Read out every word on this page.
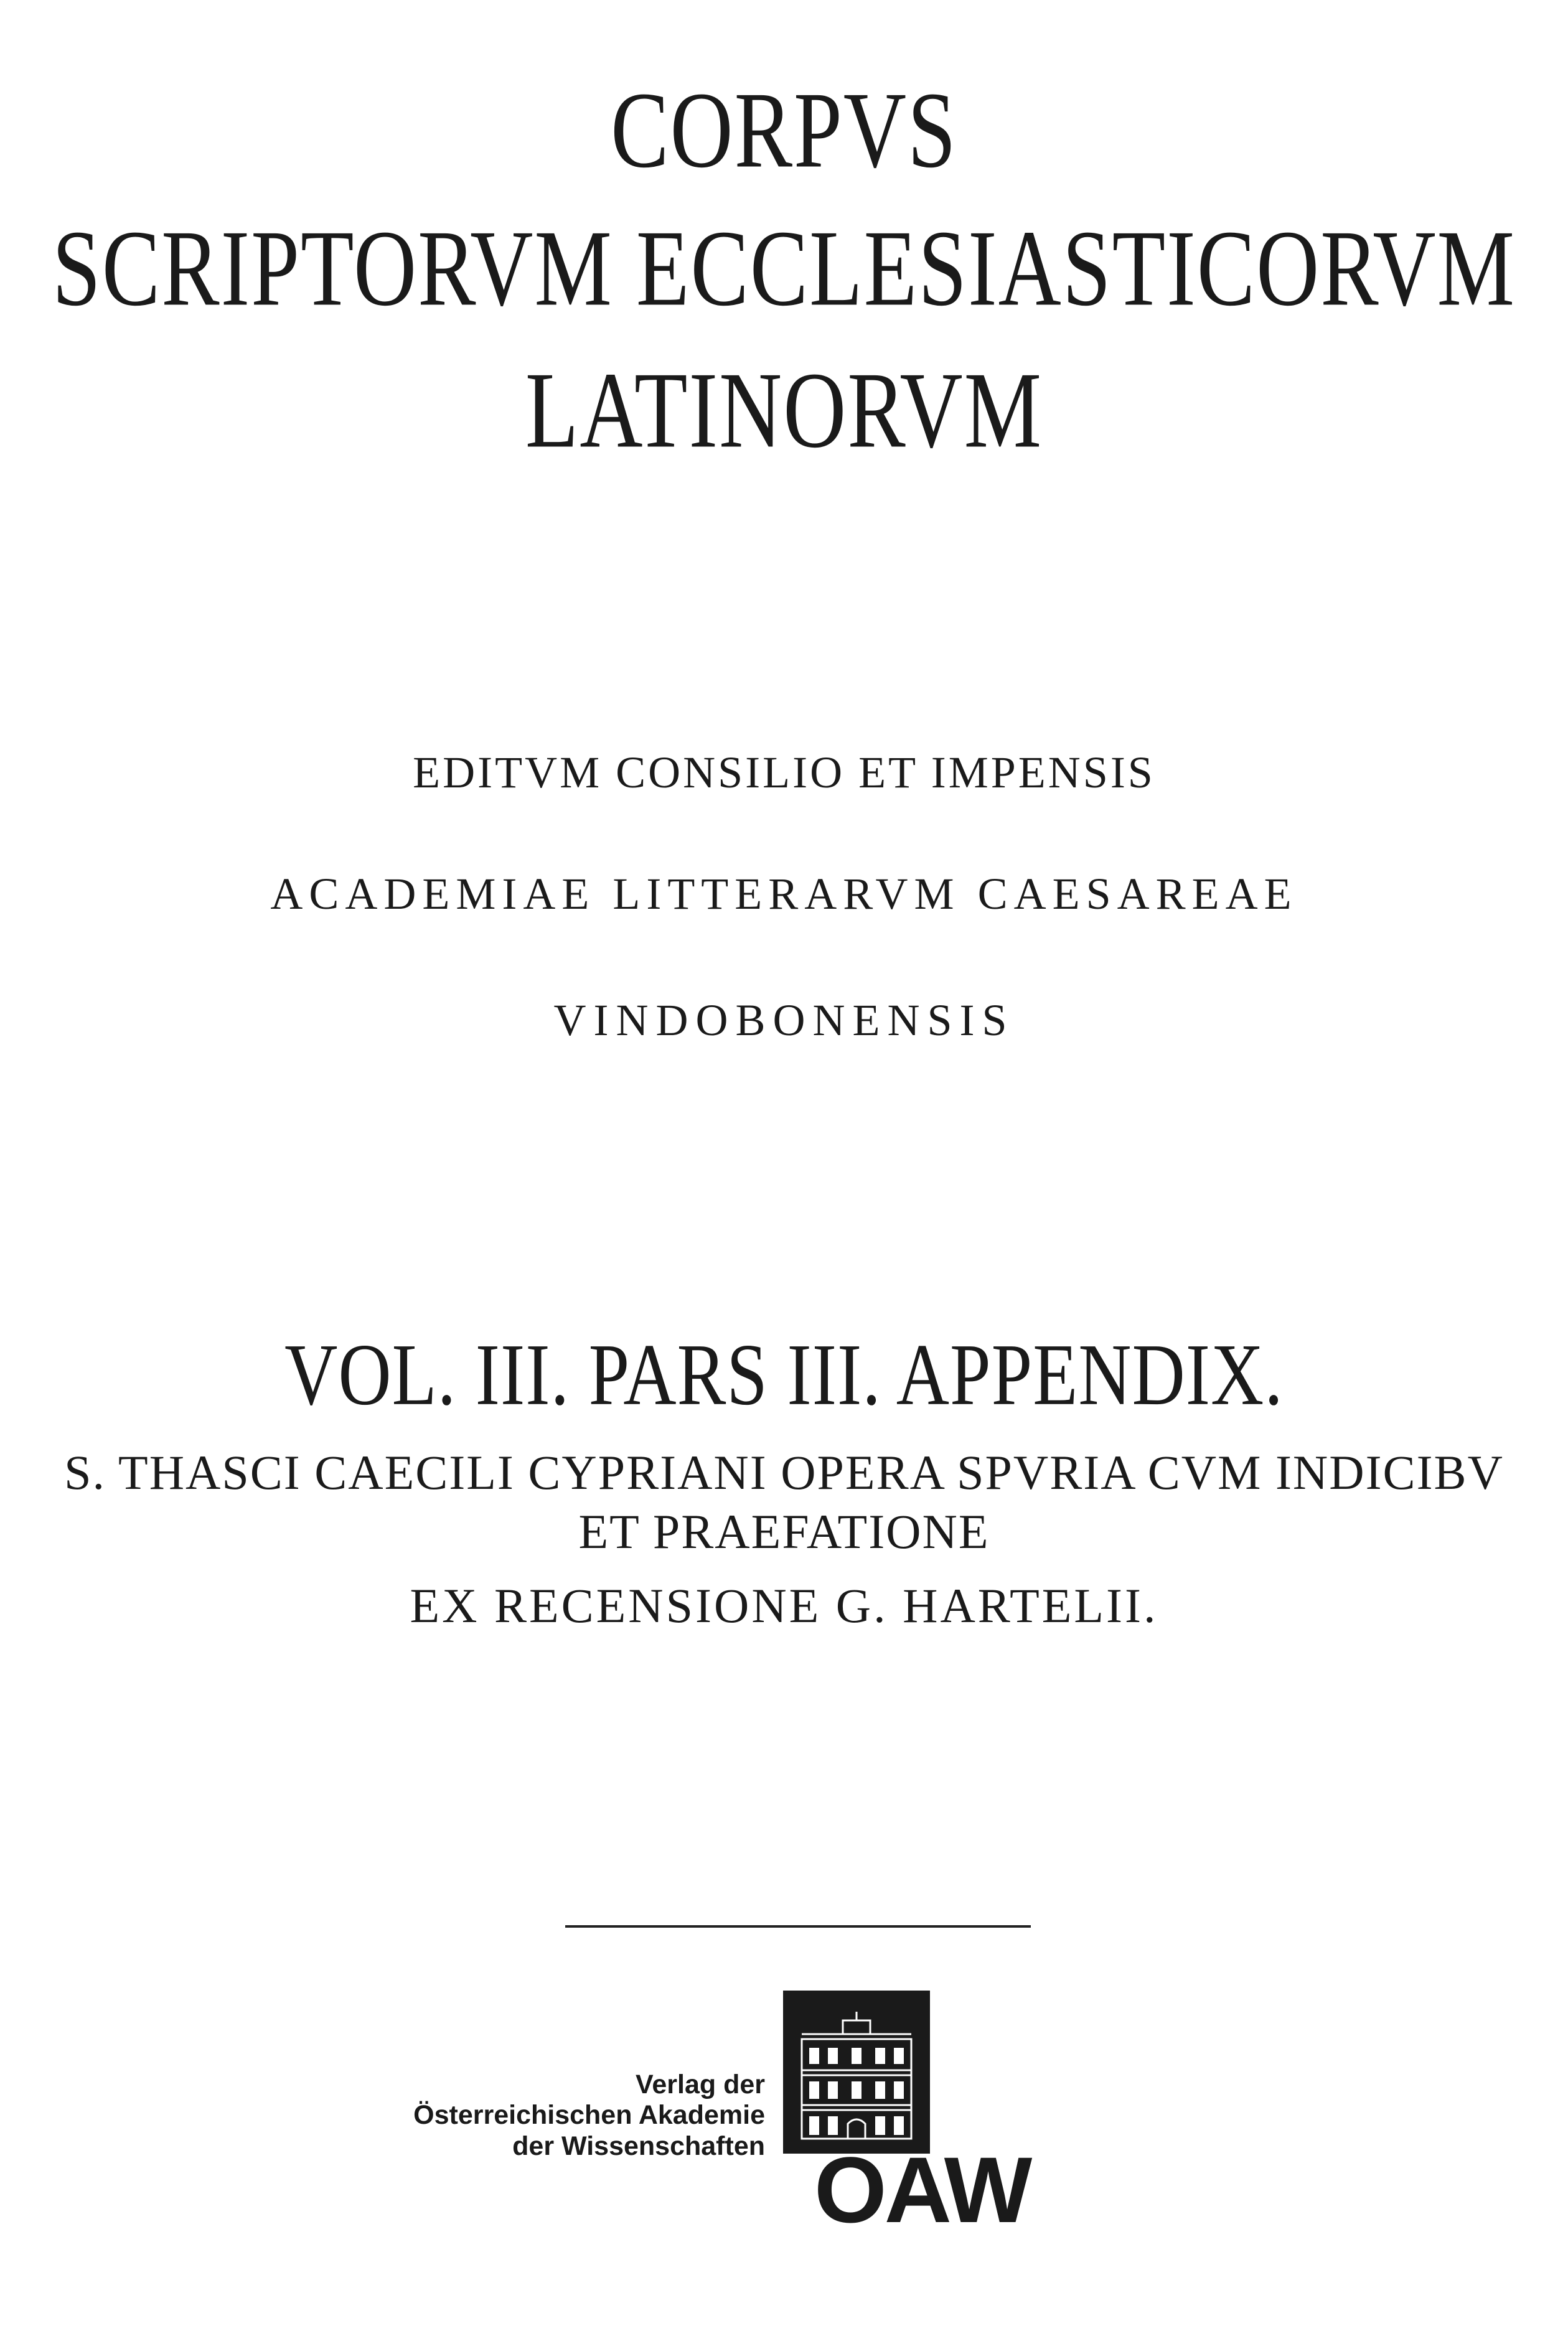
CORPVS
SCRIPTORVM ECCLESIASTICORVM
LATINORVM
EDITVM CONSILIO ET IMPENSIS
ACADEMIAE LITTERARVM CAESAREAE
VINDOBONENSIS
VOL. III. PARS III. APPENDIX.
S. THASCI CAECILI CYPRIANI OPERA SPVRIA CVM INDICIBV
ET PRAEFATIONE
EX RECENSIONE G. HARTELII.
Verlag der
Österreichischen Akademie
der Wissenschaften OAW
